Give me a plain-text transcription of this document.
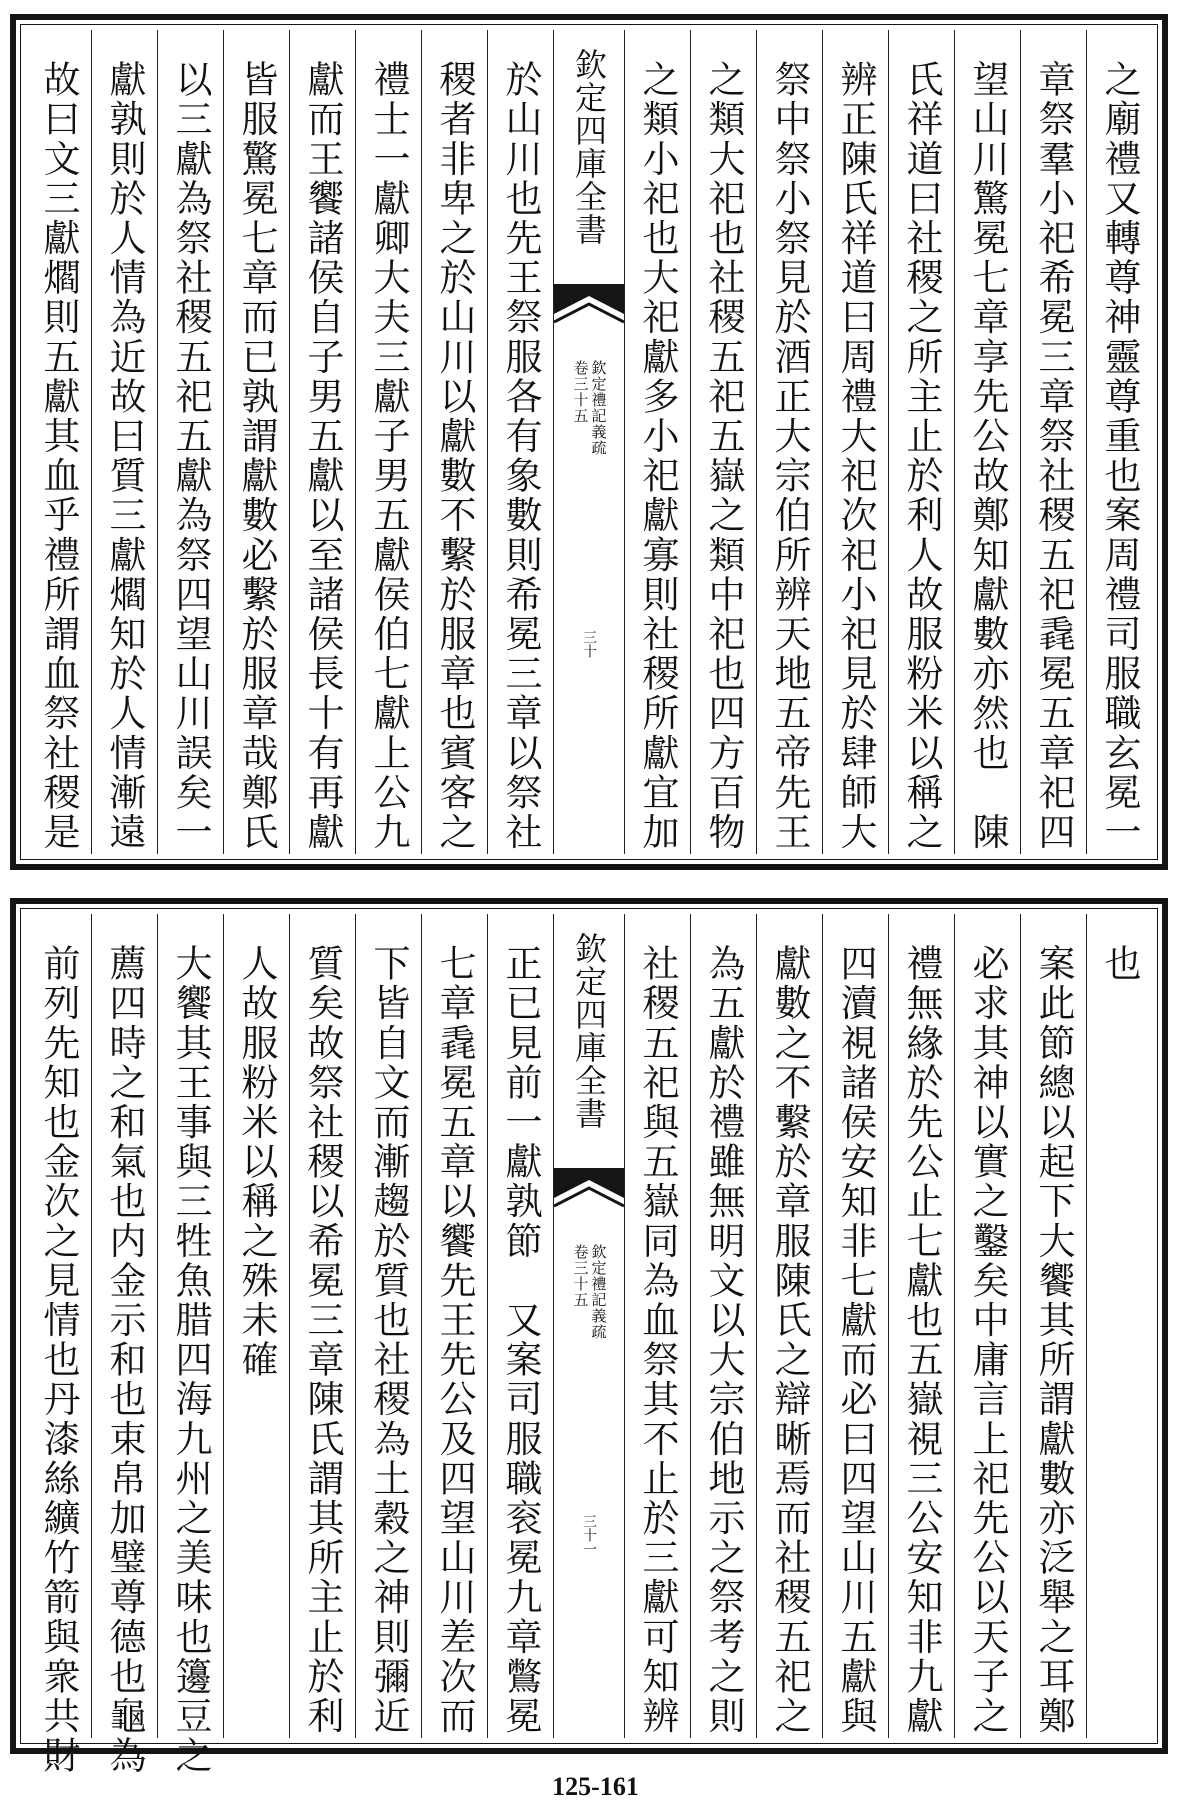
之廟禮又轉尊神靈尊重也案周禮司服職玄冕一
章祭羣小祀希冕三章祭社稷五祀毳冕五章祀四
望山川驚冕七章享先公故鄭知獻數亦然也　陳
氏祥道曰社稷之所主止於利人故服粉米以稱之
辨正陳氏祥道曰周禮大祀次祀小祀見於肆師大
祭中祭小祭見於酒正大宗伯所辨天地五帝先王
之類大祀也社稷五祀五嶽之類中祀也四方百物
之類小祀也大祀獻多小祀獻寡則社稷所獻宜加
欽定四庫全書
欽定禮記義疏
卷三十五
三十
於山川也先王祭服各有象數則希冕三章以祭社
稷者非卑之於山川以獻數不繫於服章也賓客之
禮士一獻卿大夫三獻子男五獻侯伯七獻上公九
獻而王饗諸侯自子男五獻以至諸侯長十有再獻
皆服驚冕七章而已孰謂獻數必繫於服章哉鄭氏
以三獻為祭社稷五祀五獻為祭四望山川誤矣一
獻孰則於人情為近故曰質三獻爓知於人情漸遠
故曰文三獻爓則五獻其血乎禮所謂血祭社稷是
也
案此節總以起下大饗其所謂獻數亦泛舉之耳鄭
必求其神以實之鑿矣中庸言上祀先公以天子之
禮無緣於先公止七獻也五嶽視三公安知非九獻
四瀆視諸侯安知非七獻而必曰四望山川五獻與
獻數之不繫於章服陳氏之辯晰焉而社稷五祀之
為五獻於禮雖無明文以大宗伯地示之祭考之則
社稷五祀與五嶽同為血祭其不止於三獻可知辨
欽定四庫全書
欽定禮記義疏
卷三十五
三十一
正已見前一獻孰節　又案司服職衮冕九章鷩冕
七章毳冕五章以饗先王先公及四望山川差次而
下皆自文而漸趨於質也社稷為土穀之神則彌近
質矣故祭社稷以希冕三章陳氏謂其所主止於利
人故服粉米以稱之殊未確
大饗其王事與三牲魚腊四海九州之美味也籩豆之
薦四時之和氣也内金示和也束帛加璧尊德也龜為
前列先知也金次之見情也丹漆絲纊竹箭與衆共財
125-161
